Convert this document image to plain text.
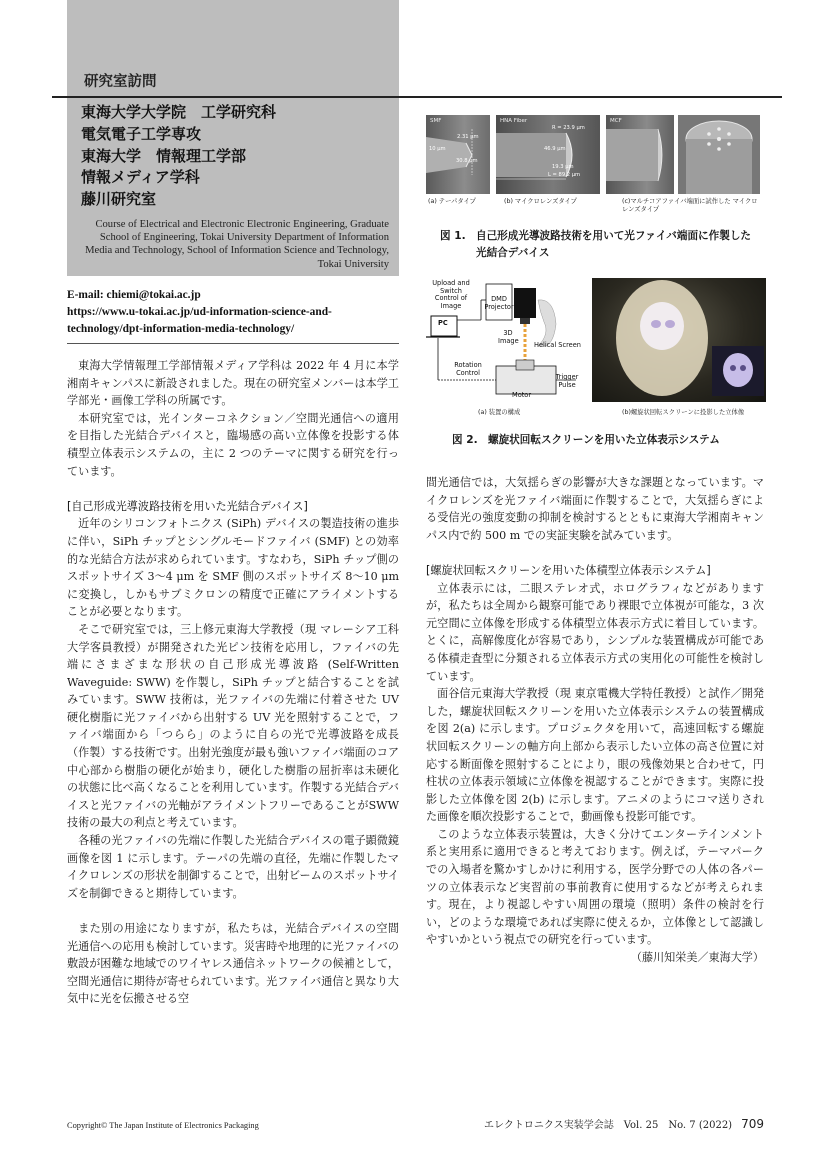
研究室訪問
東海大学大学院　工学研究科
電気電子工学専攻
東海大学　情報理工学部
情報メディア学科
藤川研究室
Course of Electrical and Electronic Electronic Engineering, Graduate School of Engineering, Tokai University Department of Information Media and Technology, School of Information Science and Technology, Tokai University
E-mail: chiemi@tokai.ac.jp
https://www.u-tokai.ac.jp/ud-information-science-and-technology/dpt-information-media-technology/

東海大学情報理工学部情報メディア学科は 2022 年 4 月に本学湘南キャンパスに新設されました。現在の研究室メンバーは本学工学部光・画像工学科の所属です。

本研究室では，光インターコネクション／空間光通信への適用を目指した光結合デバイスと，臨場感の高い立体像を投影する体積型立体表示システムの，主に 2 つのテーマに関する研究を行っています。

[自己形成光導波路技術を用いた光結合デバイス]

近年のシリコンフォトニクス (SiPh) デバイスの製造技術の進歩に伴い，SiPh チップとシングルモードファイバ (SMF) との効率的な光結合方法が求められています。すなわち，SiPh チップ側のスポットサイズ 3～4 μm を SMF 側のスポットサイズ 8～10 μm に変換し，しかもサブミクロンの精度で正確にアライメントすることが必要となります。

そこで研究室では，三上修元東海大学教授（現 マレーシア工科大学客員教授）が開発された光ピン技術を応用し，ファイバの先端にさまざまな形状の自己形成光導波路 (Self-Written Waveguide: SWW) を作製し，SiPh チップと結合することを試みています。SWW 技術は，光ファイバの先端に付着させた UV 硬化樹脂に光ファイバから出射する UV 光を照射することで，ファイバ端面から「つらら」のように自らの光で光導波路を成長（作製）する技術です。出射光強度が最も強いファイバ端面のコア中心部から樹脂の硬化が始まり，硬化した樹脂の屈折率は未硬化の状態に比べ高くなることを利用しています。作製する光結合デバイスと光ファイバの光軸がアライメントフリーであることがSWW 技術の最大の利点と考えています。

各種の光ファイバの先端に作製した光結合デバイスの電子顕微鏡画像を図 1 に示します。テーパの先端の直径，先端に作製したマイクロレンズの形状を制御することで，出射ビームのスポットサイズを制御できると期待しています。

また別の用途になりますが，私たちは，光結合デバイスの空間光通信への応用も検討しています。災害時や地理的に光ファイバの敷設が困難な地域でのワイヤレス通信ネットワークの候補として，空間光通信に期待が寄せられています。光ファイバ通信と異なり大気中に光を伝搬させる空

SMF
2.31 μm
10 μm
30.8 μm
HNA Fiber
R = 23.9 μm
46.9 μm
19.3 μm
L = 89.2 μm
MCF
(a) テーパタイプ	(b) マイクロレンズタイプ	(c)マルチコアファイバ端面に試作した マイクロレンズタイプ
図 1. 自己形成光導波路技術を用いて光ファイバ端面に作製した光結合デバイス
Upload and Switch Control of Image
PC
DMD Projector
3D Image
Helical Screen
Rotation Control
Trigger Pulse
Motor
(a) 装置の構成	(b)螺旋状回転スクリーンに投影した立体像
図 2. 螺旋状回転スクリーンを用いた立体表示システム

間光通信では，大気揺らぎの影響が大きな課題となっています。マイクロレンズを光ファイバ端面に作製することで，大気揺らぎによる受信光の強度変動の抑制を検討するとともに東海大学湘南キャンパス内で約 500 m での実証実験を試みています。

[螺旋状回転スクリーンを用いた体積型立体表示システム]

立体表示には，二眼ステレオ式，ホログラフィなどがありますが，私たちは全周から観察可能であり裸眼で立体視が可能な，3 次元空間に立体像を形成する体積型立体表示方式に着目しています。とくに，高解像度化が容易であり，シンプルな装置構成が可能である体積走査型に分類される立体表示方式の実用化の可能性を検討しています。

面谷信元東海大学教授（現 東京電機大学特任教授）と試作／開発した，螺旋状回転スクリーンを用いた立体表示システムの装置構成を図 2(a) に示します。プロジェクタを用いて，高速回転する螺旋状回転スクリーンの軸方向上部から表示したい立体の高さ位置に対応する断面像を照射することにより，眼の残像効果と合わせて，円柱状の立体表示領域に立体像を視認することができます。実際に投影した立体像を図 2(b) に示します。アニメのようにコマ送りされた画像を順次投影することで，動画像も投影可能です。

このような立体表示装置は，大きく分けてエンターテインメント系と実用系に適用できると考えております。例えば，テーマパークでの入場者を驚かすしかけに利用する，医学分野での人体の各パーツの立体表示など実習前の事前教育に使用するなどが考えられます。現在，より視認しやすい周囲の環境（照明）条件の検討を行い，どのような環境であれば実際に使えるか，立体像として認識しやすいかという視点での研究を行っています。

（藤川知栄美／東海大学）

Copyright© The Japan Institute of Electronics Packaging	エレクトロニクス実装学会誌　Vol. 25　No. 7 (2022) 709
